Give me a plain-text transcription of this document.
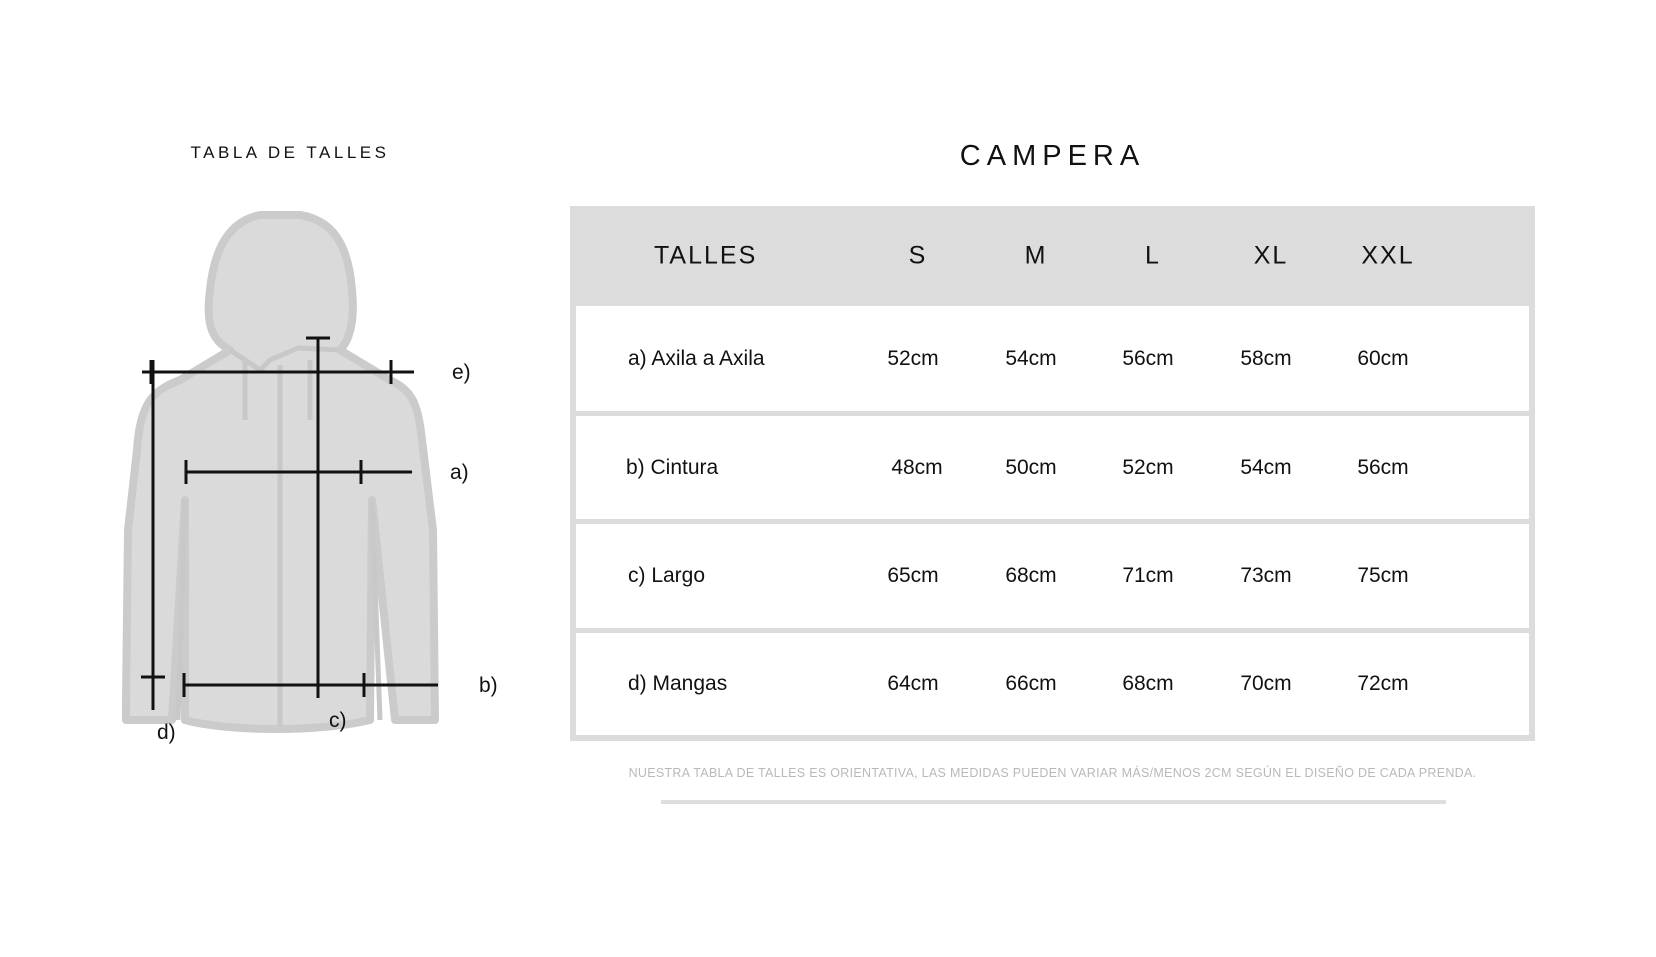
TABLA DE TALLES
e)
a)
b)
c)
d)
CAMPERA
TALLES	S	M	L	XL	XXL
a) Axila a Axila	52cm	54cm	56cm	58cm	60cm
b) Cintura	48cm	50cm	52cm	54cm	56cm
c) Largo	65cm	68cm	71cm	73cm	75cm
d) Mangas	64cm	66cm	68cm	70cm	72cm
NUESTRA TABLA DE TALLES ES ORIENTATIVA, LAS MEDIDAS PUEDEN VARIAR MÁS/MENOS 2CM SEGÚN EL DISEÑO DE CADA PRENDA.
